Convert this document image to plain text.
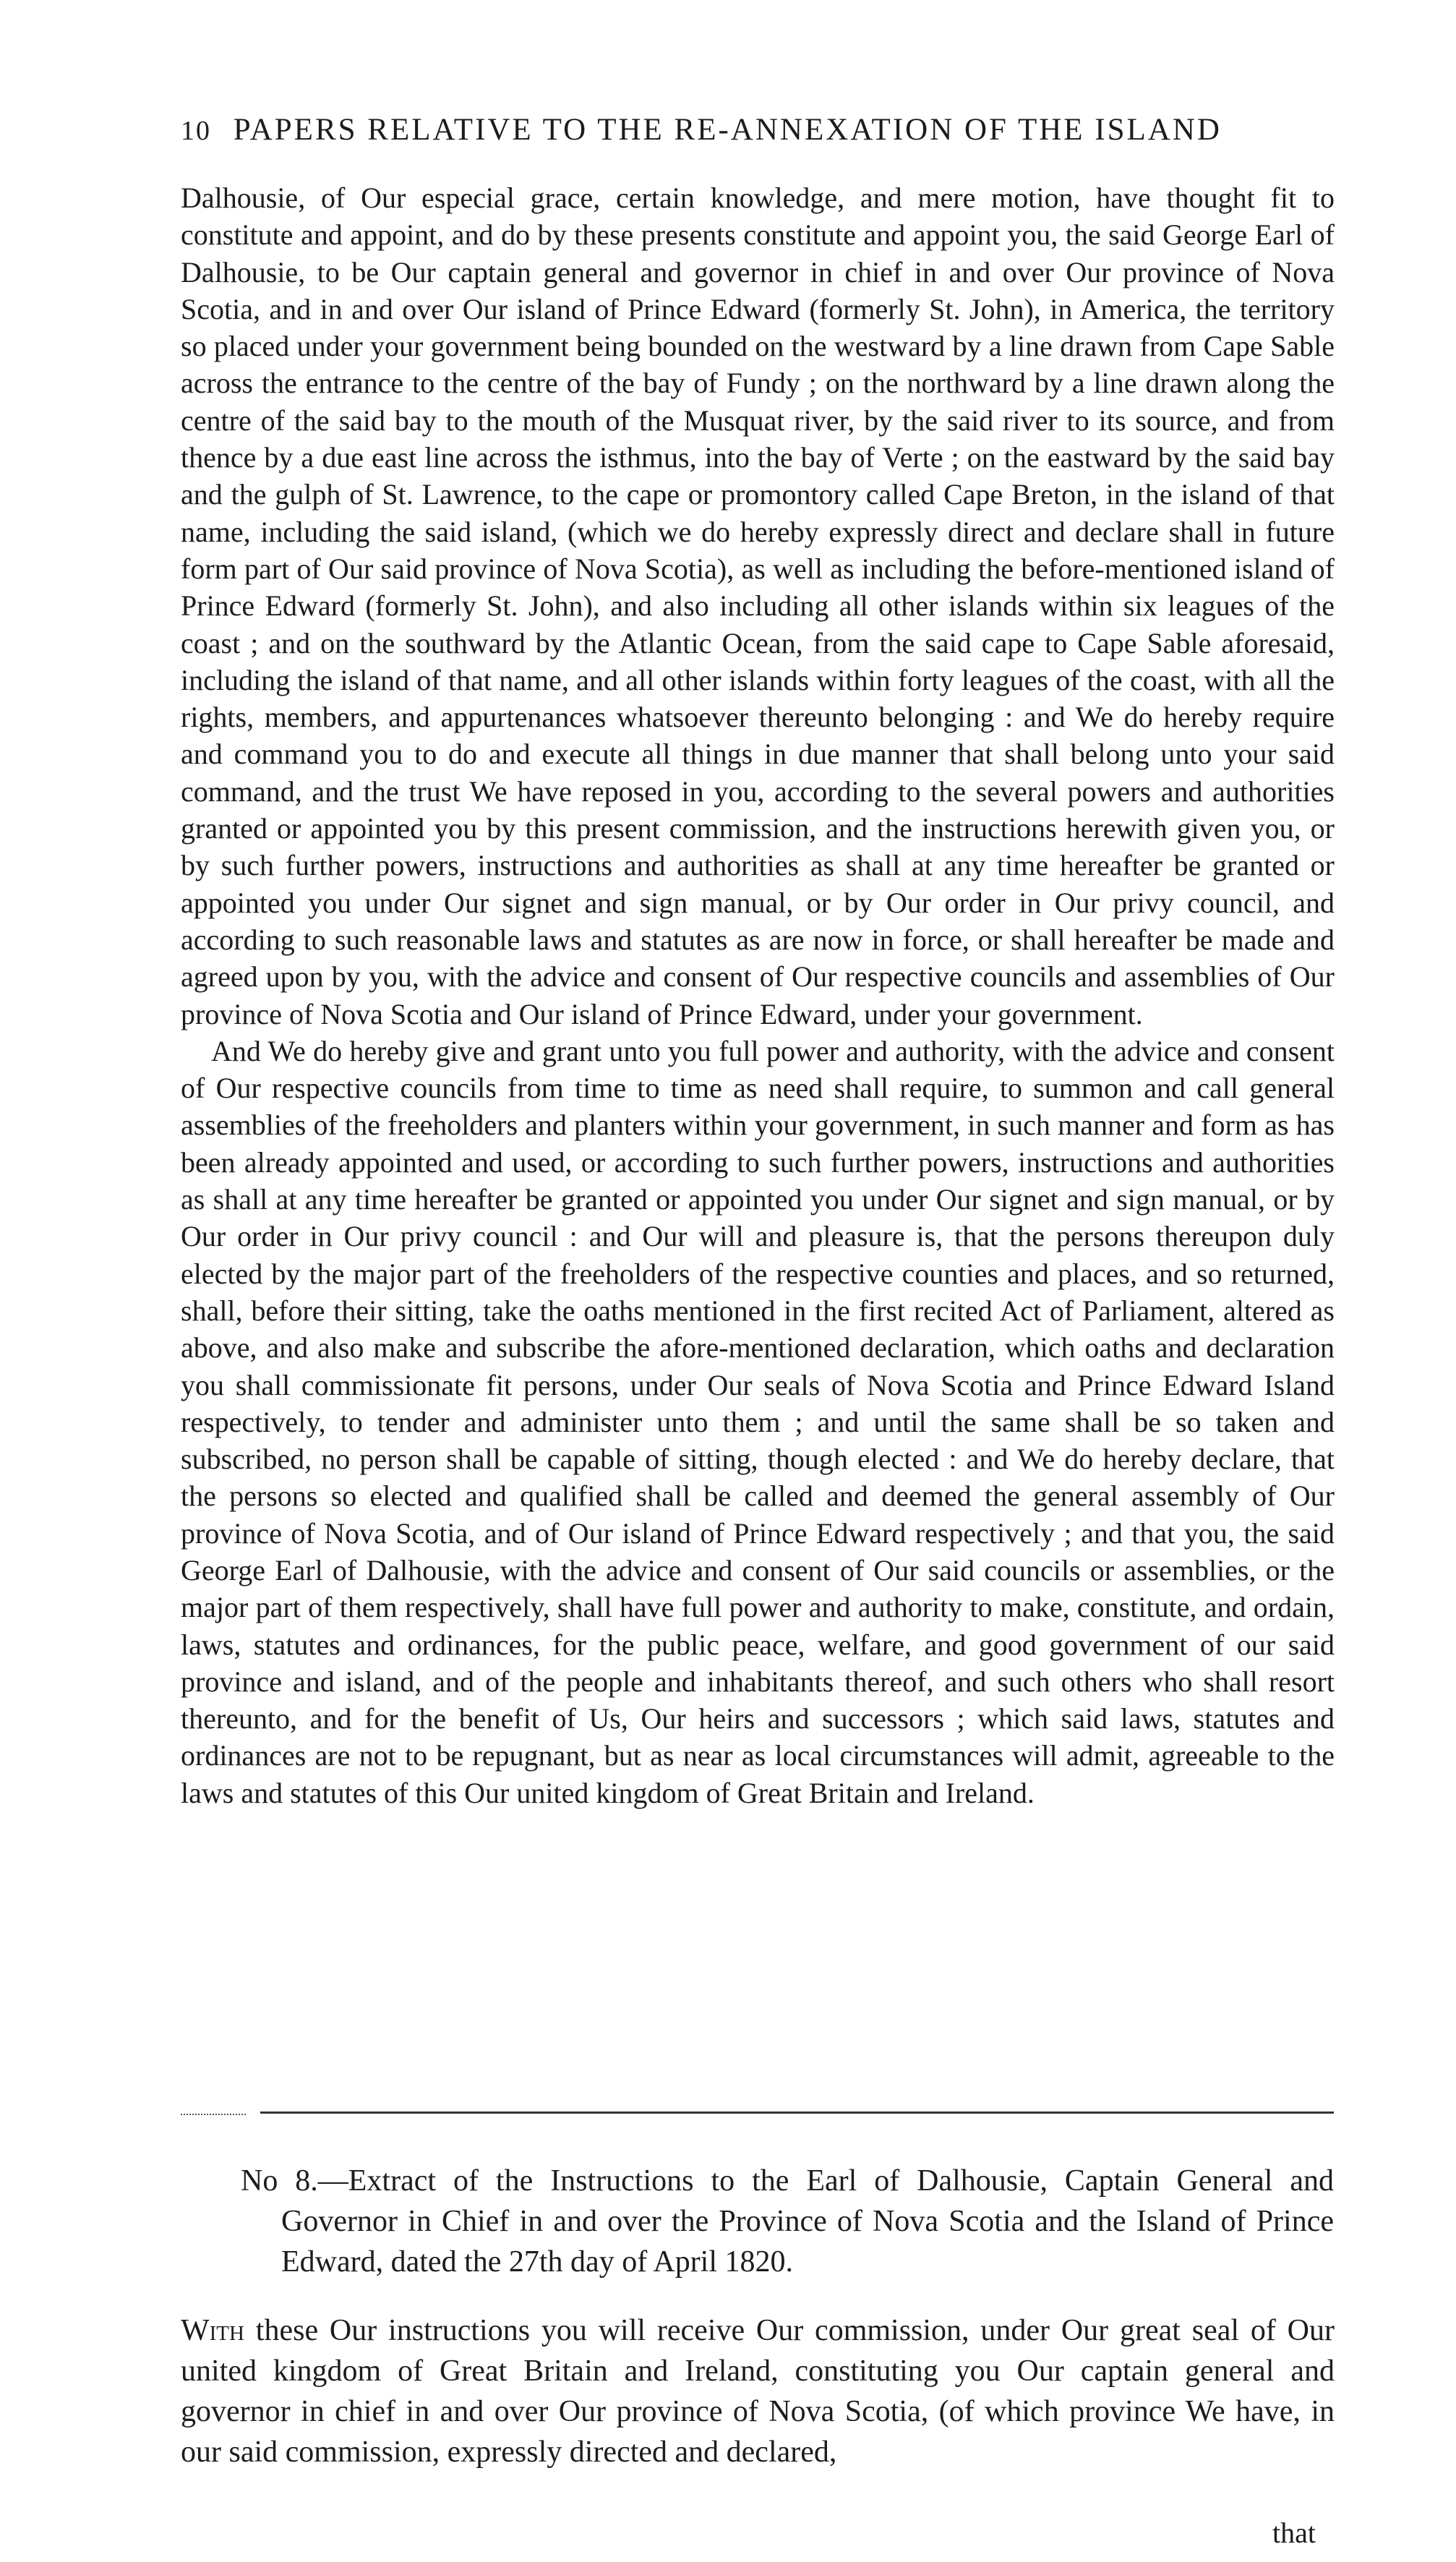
10 PAPERS RELATIVE TO THE RE-ANNEXATION OF THE ISLAND

Dalhousie, of Our especial grace, certain knowledge, and mere motion, have thought fit to constitute and appoint, and do by these presents constitute and appoint you, the said George Earl of Dalhousie, to be Our captain general and governor in chief in and over Our province of Nova Scotia, and in and over Our island of Prince Edward (formerly St. John), in America, the territory so placed under your government being bounded on the westward by a line drawn from Cape Sable across the entrance to the centre of the bay of Fundy ; on the northward by a line drawn along the centre of the said bay to the mouth of the Musquat river, by the said river to its source, and from thence by a due east line across the isthmus, into the bay of Verte ; on the eastward by the said bay and the gulph of St. Lawrence, to the cape or promontory called Cape Breton, in the island of that name, including the said island, (which we do hereby expressly direct and declare shall in future form part of Our said province of Nova Scotia), as well as including the before-mentioned island of Prince Edward (formerly St. John), and also including all other islands within six leagues of the coast ; and on the southward by the Atlantic Ocean, from the said cape to Cape Sable aforesaid, including the island of that name, and all other islands within forty leagues of the coast, with all the rights, members, and appurtenances whatsoever thereunto belonging : and We do hereby require and command you to do and execute all things in due manner that shall belong unto your said command, and the trust We have reposed in you, according to the several powers and authorities granted or appointed you by this present commission, and the instructions herewith given you, or by such further powers, instructions and authorities as shall at any time hereafter be granted or appointed you under Our signet and sign manual, or by Our order in Our privy council, and according to such reasonable laws and statutes as are now in force, or shall hereafter be made and agreed upon by you, with the advice and consent of Our respective councils and assemblies of Our province of Nova Scotia and Our island of Prince Edward, under your government.

And We do hereby give and grant unto you full power and authority, with the advice and consent of Our respective councils from time to time as need shall require, to summon and call general assemblies of the freeholders and planters within your government, in such manner and form as has been already appointed and used, or according to such further powers, instructions and authorities as shall at any time hereafter be granted or appointed you under Our signet and sign manual, or by Our order in Our privy council : and Our will and pleasure is, that the persons thereupon duly elected by the major part of the freeholders of the respective counties and places, and so returned, shall, before their sitting, take the oaths mentioned in the first recited Act of Parliament, altered as above, and also make and subscribe the afore-mentioned declaration, which oaths and declaration you shall commissionate fit persons, under Our seals of Nova Scotia and Prince Edward Island respectively, to tender and administer unto them ; and until the same shall be so taken and subscribed, no person shall be capable of sitting, though elected : and We do hereby declare, that the persons so elected and qualified shall be called and deemed the general assembly of Our province of Nova Scotia, and of Our island of Prince Edward respectively ; and that you, the said George Earl of Dalhousie, with the advice and consent of Our said councils or assemblies, or the major part of them respectively, shall have full power and authority to make, constitute, and ordain, laws, statutes and ordinances, for the public peace, welfare, and good government of our said province and island, and of the people and inhabitants thereof, and such others who shall resort thereunto, and for the benefit of Us, Our heirs and successors ; which said laws, statutes and ordinances are not to be repugnant, but as near as local circumstances will admit, agreeable to the laws and statutes of this Our united kingdom of Great Britain and Ireland.

No 8.—Extract of the Instructions to the Earl of Dalhousie, Captain General and Governor in Chief in and over the Province of Nova Scotia and the Island of Prince Edward, dated the 27th day of April 1820.
With these Our instructions you will receive Our commission, under Our great seal of Our united kingdom of Great Britain and Ireland, constituting you Our captain general and governor in chief in and over Our province of Nova Scotia, (of which province We have, in our said commission, expressly directed and declared,
that
